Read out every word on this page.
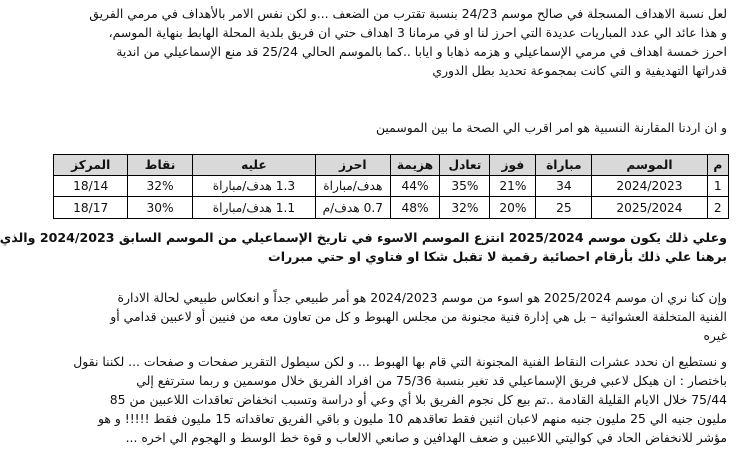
لعل نسبة الاهداف المسجلة في صالح موسم 24/23 بنسبة تقترب من الضعف ...و لكن نفس الامر بالأهداف في مرمي الفريق
و هذا عائد الي عدد المباريات عديدة التي احرز لنا او في مرمانا 3 اهداف حتي ان فريق بلدية المحلة الهابط بنهاية الموسم،
احرز خمسة اهداف في مرمي الإسماعيلي و هزمه ذهابا و ايابا ..كما بالموسم الحالي 25/24 قد منع الإسماعيلي من اندية
قدراتها التهديفية و التي كانت بمجموعة تحديد بطل الدوري
و ان اردنا المقارنة النسبية هو امر اقرب الي الصحة ما بين الموسمين
م	الموسم	مباراة	فوز	تعادل	هزيمة	احرز	عليه	نقاط	المركز
1	2024/2023	34	21%	35%	44%	هدف/مباراة	1.3 هدف/مباراة	32%	18/14
2	2025/2024	25	20%	32%	48%	0.7 هدف/م	1.1 هدف/مباراة	30%	18/17
وعلي ذلك يكون موسم 2025/2024 انتزع الموسم الاسوء في تاريخ الإسماعيلي من الموسم السابق 2024/2023 والذي
برهنا علي ذلك بأرقام احصائية رقمية لا تقبل شكا او فتاوي او حتي مبررات
وإن كنا نري ان موسم 2025/2024 هو اسوء من موسم 2024/2023 هو أمر طبيعي جداً و انعكاس طبيعي لحالة الادارة
الفنية المتخلفة العشوائية – بل هي إدارة فنية مجنونة من مجلس الهبوط و كل من تعاون معه من فنيين أو لاعبين قدامي أو
غيره
و نستطيع ان نحدد عشرات النقاط الفنية المجنونة التي قام بها الهبوط ... و لكن سيطول التقرير صفحات و صفحات ... لكننا نقول
باختصار : ان هيكل لاعبي فريق الإسماعيلي قد تغير بنسبة 75/36 من افراد الفريق خلال موسمين و ربما سترتفع إلي
75/44 خلال الايام القليلة القادمة ..تم بيع كل نجوم الفريق بلا أي وعي أو دراسة وتسبب انخفاض تعاقدات اللاعبين من 85
مليون جنيه الي 25 مليون جنيه منهم لاعبان اثنين فقط تعاقدهم 10 مليون و باقي الفريق تعاقداته 15 مليون فقط !!!!! و هو
مؤشر للانخفاض الحاد في كواليتي اللاعبين و ضعف الهدافين و صانعي الالعاب و قوة خط الوسط و الهجوم الي اخره ...
